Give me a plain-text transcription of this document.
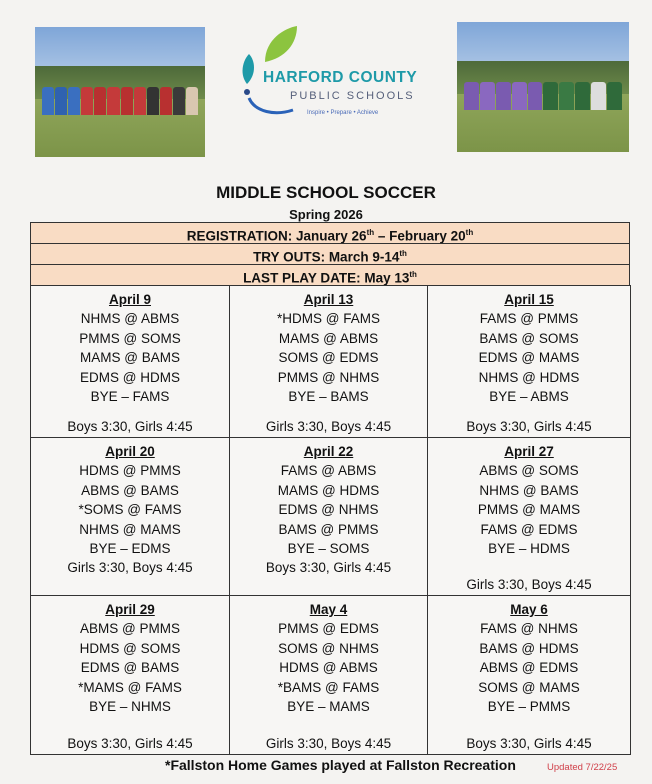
HARFORD COUNTY
PUBLIC SCHOOLS
Inspire • Prepare • Achieve
MIDDLE SCHOOL SOCCER
Spring 2026
REGISTRATION: January 26th – February 20th
TRY OUTS: March 9-14th
LAST PLAY DATE: May 13th
April 9
NHMS @ ABMS
PMMS @ SOMS
MAMS @ BAMS
EDMS @ HDMS
BYE – FAMS
Boys 3:30, Girls 4:45
April 13
*HDMS @ FAMS
MAMS @ ABMS
SOMS @ EDMS
PMMS @ NHMS
BYE – BAMS
Girls 3:30, Boys 4:45
April 15
FAMS @ PMMS
BAMS @ SOMS
EDMS @ MAMS
NHMS @ HDMS
BYE – ABMS
Boys 3:30, Girls 4:45
April 20
HDMS @ PMMS
ABMS @ BAMS
*SOMS @ FAMS
NHMS @ MAMS
BYE – EDMS
Girls 3:30, Boys 4:45
April 22
FAMS @ ABMS
MAMS @ HDMS
EDMS @ NHMS
BAMS @ PMMS
BYE – SOMS
Boys 3:30, Girls 4:45
April 27
ABMS @ SOMS
NHMS @ BAMS
PMMS @ MAMS
FAMS @ EDMS
BYE – HDMS
Girls 3:30, Boys 4:45
April 29
ABMS @ PMMS
HDMS @ SOMS
EDMS @ BAMS
*MAMS @ FAMS
BYE – NHMS
Boys 3:30, Girls 4:45
May 4
PMMS @ EDMS
SOMS @ NHMS
HDMS @ ABMS
*BAMS @ FAMS
BYE – MAMS
Girls 3:30, Boys 4:45
May 6
FAMS @ NHMS
BAMS @ HDMS
ABMS @ EDMS
SOMS @ MAMS
BYE – PMMS
Boys 3:30, Girls 4:45
*Fallston Home Games played at Fallston Recreation	Updated 7/22/25
